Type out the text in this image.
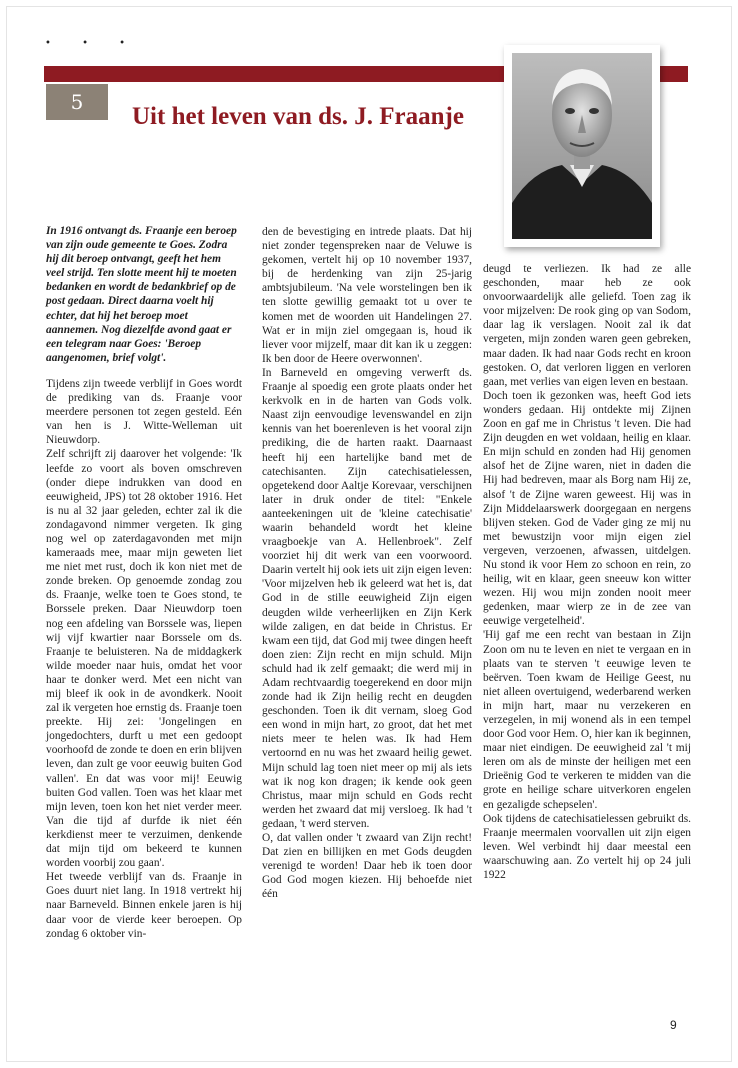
• • •
5
Uit het leven van ds. J. Fraanje

In 1916 ontvangt ds. Fraanje een beroep van zijn oude gemeente te Goes. Zodra hij dit beroep ontvangt, geeft het hem veel strijd. Ten slotte meent hij te moeten bedanken en wordt de bedankbrief op de post gedaan. Direct daarna voelt hij echter, dat hij het beroep moet aannemen. Nog diezelfde avond gaat er een telegram naar Goes: 'Beroep aangenomen, brief volgt'.

Tijdens zijn tweede verblijf in Goes wordt de prediking van ds. Fraanje voor meerdere personen tot zegen gesteld. Eén van hen is J. Witte-Welleman uit Nieuwdorp.

Zelf schrijft zij daarover het volgende: 'Ik leefde zo voort als boven omschreven (onder diepe indrukken van dood en eeuwigheid, JPS) tot 28 oktober 1916. Het is nu al 32 jaar geleden, echter zal ik die zondagavond nimmer vergeten. Ik ging nog wel op zaterdagavonden met mijn kameraads mee, maar mijn geweten liet me niet met rust, doch ik kon niet met de zonde breken. Op genoemde zondag zou ds. Fraanje, welke toen te Goes stond, te Borssele preken. Daar Nieuwdorp toen nog een afdeling van Borssele was, liepen wij vijf kwartier naar Borssele om ds. Fraanje te beluisteren. Na de middagkerk wilde moeder naar huis, omdat het voor haar te donker werd. Met een nicht van mij bleef ik ook in de avondkerk. Nooit zal ik vergeten hoe ernstig ds. Fraanje toen preekte. Hij zei: 'Jongelingen en jongedochters, durft u met een gedoopt voorhoofd de zonde te doen en erin blijven leven, dan zult ge voor eeuwig buiten God vallen'. En dat was voor mij! Eeuwig buiten God vallen. Toen was het klaar met mijn leven, toen kon het niet verder meer. Van die tijd af durfde ik niet één kerkdienst meer te verzuimen, denkende dat mijn tijd om bekeerd te kunnen worden voorbij zou gaan'.

Het tweede verblijf van ds. Fraanje in Goes duurt niet lang. In 1918 vertrekt hij naar Barneveld. Binnen enkele jaren is hij daar voor de vierde keer beroepen. Op zondag 6 oktober vin-

den de bevestiging en intrede plaats. Dat hij niet zonder tegenspreken naar de Veluwe is gekomen, vertelt hij op 10 november 1937, bij de herdenking van zijn 25-jarig ambtsjubileum. 'Na vele worstelingen ben ik ten slotte gewillig gemaakt tot u over te komen met de woorden uit Handelingen 27. Wat er in mijn ziel omgegaan is, houd ik liever voor mijzelf, maar dit kan ik u zeggen: Ik ben door de Heere overwonnen'.

In Barneveld en omgeving verwerft ds. Fraanje al spoedig een grote plaats onder het kerkvolk en in de harten van Gods volk. Naast zijn eenvoudige levenswandel en zijn kennis van het boerenleven is het vooral zijn prediking, die de harten raakt. Daarnaast heeft hij een hartelijke band met de catechisanten. Zijn catechisatielessen, opgetekend door Aaltje Korevaar, verschijnen later in druk onder de titel: "Enkele aanteekeningen uit de 'kleine catechisatie' waarin behandeld wordt het kleine vraagboekje van A. Hellenbroek". Zelf voorziet hij dit werk van een voorwoord. Daarin vertelt hij ook iets uit zijn eigen leven: 'Voor mijzelven heb ik geleerd wat het is, dat God in de stille eeuwigheid Zijn eigen deugden wilde verheerlijken en Zijn Kerk wilde zaligen, en dat beide in Christus. Er kwam een tijd, dat God mij twee dingen heeft doen zien: Zijn recht en mijn schuld. Mijn schuld had ik zelf gemaakt; die werd mij in Adam rechtvaardig toegerekend en door mijn zonde had ik Zijn heilig recht en deugden geschonden. Toen ik dit vernam, sloeg God een wond in mijn hart, zo groot, dat het met niets meer te helen was. Ik had Hem vertoornd en nu was het zwaard heilig gewet. Mijn schuld lag toen niet meer op mij als iets wat ik nog kon dragen; ik kende ook geen Christus, maar mijn schuld en Gods recht werden het zwaard dat mij versloeg. Ik had 't gedaan, 't werd sterven.

O, dat vallen onder 't zwaard van Zijn recht! Dat zien en billijken en met Gods deugden verenigd te worden! Daar heb ik toen door God God mogen kiezen. Hij behoefde niet één

deugd te verliezen. Ik had ze alle geschonden, maar heb ze ook onvoorwaardelijk alle geliefd. Toen zag ik voor mijzelven: De rook ging op van Sodom, daar lag ik verslagen. Nooit zal ik dat vergeten, mijn zonden waren geen gebreken, maar daden. Ik had naar Gods recht en kroon gestoken. O, dat verloren liggen en verloren gaan, met verlies van eigen leven en bestaan.

Doch toen ik gezonken was, heeft God iets wonders gedaan. Hij ontdekte mij Zijnen Zoon en gaf me in Christus 't leven. Die had Zijn deugden en wet voldaan, heilig en klaar. En mijn schuld en zonden had Hij genomen alsof het de Zijne waren, niet in daden die Hij had bedreven, maar als Borg nam Hij ze, alsof 't de Zijne waren geweest. Hij was in Zijn Middelaarswerk doorgegaan en nergens blijven steken. God de Vader ging ze mij nu met bewustzijn voor mijn eigen ziel vergeven, verzoenen, afwassen, uitdelgen. Nu stond ik voor Hem zo schoon en rein, zo heilig, wit en klaar, geen sneeuw kon witter wezen. Hij wou mijn zonden nooit meer gedenken, maar wierp ze in de zee van eeuwige vergetelheid'.

'Hij gaf me een recht van bestaan in Zijn Zoon om nu te leven en niet te vergaan en in plaats van te sterven 't eeuwige leven te beërven. Toen kwam de Heilige Geest, nu niet alleen overtuigend, wederbarend werken in mijn hart, maar nu verzekeren en verzegelen, in mij wonend als in een tempel door God voor Hem. O, hier kan ik beginnen, maar niet eindigen. De eeuwigheid zal 't mij leren om als de minste der heiligen met een Drieënig God te verkeren te midden van die grote en heilige schare uitverkoren engelen en gezaligde schepselen'.

Ook tijdens de catechisatielessen gebruikt ds. Fraanje meermalen voorvallen uit zijn eigen leven. Wel verbindt hij daar meestal een waarschuwing aan. Zo vertelt hij op 24 juli 1922

9
